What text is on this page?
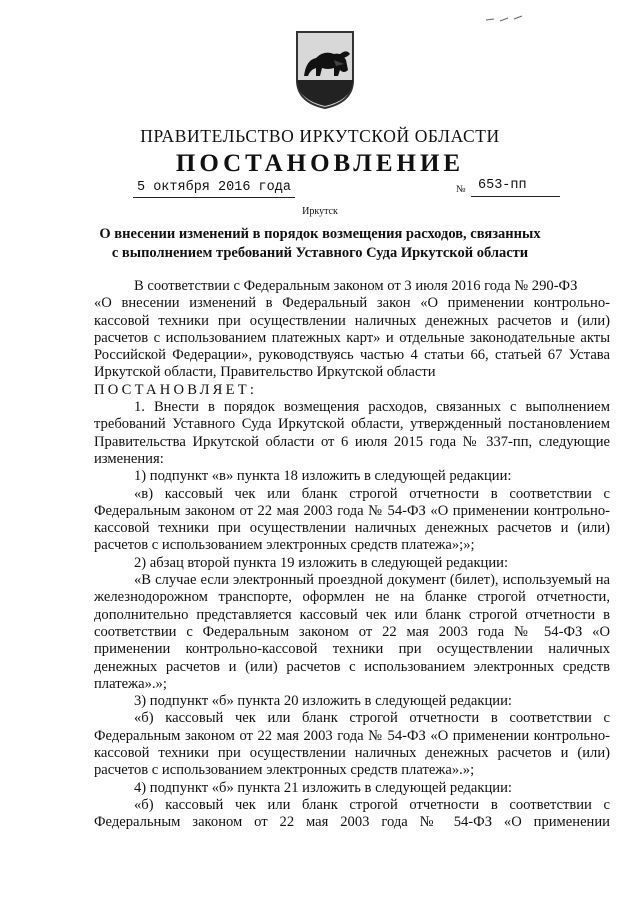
ПРАВИТЕЛЬСТВО ИРКУТСКОЙ ОБЛАСТИ
ПОСТАНОВЛЕНИЕ
5 октября 2016 года	№ 653-пп
Иркутск
О внесении изменений в порядок возмещения расходов, связанных
с выполнением требований Уставного Суда Иркутской области

В соответствии с Федеральным законом от 3 июля 2016 года № 290-ФЗ

«О внесении изменений в Федеральный закон «О применении контрольно-кассовой техники при осуществлении наличных денежных расчетов и (или) расчетов с использованием платежных карт» и отдельные законодательные акты Российской Федерации», руководствуясь частью 4 статьи 66, статьей 67 Устава Иркутской области, Правительство Иркутской области

ПОСТАНОВЛЯЕТ:

1. Внести в порядок возмещения расходов, связанных с выполнением требований Уставного Суда Иркутской области, утвержденный постановлением Правительства Иркутской области от 6 июля 2015 года № 337-пп, следующие изменения:

1) подпункт «в» пункта 18 изложить в следующей редакции:

«в) кассовый чек или бланк строгой отчетности в соответствии с Федеральным законом от 22 мая 2003 года № 54-ФЗ «О применении контрольно-кассовой техники при осуществлении наличных денежных расчетов и (или) расчетов с использованием электронных средств платежа»;»;

2) абзац второй пункта 19 изложить в следующей редакции:

«В случае если электронный проездной документ (билет), используемый на железнодорожном транспорте, оформлен не на бланке строгой отчетности, дополнительно представляется кассовый чек или бланк строгой отчетности в соответствии с Федеральным законом от 22 мая 2003 года № 54-ФЗ «О применении контрольно-кассовой техники при осуществлении наличных денежных расчетов и (или) расчетов с использованием электронных средств платежа».»;

3) подпункт «б» пункта 20 изложить в следующей редакции:

«б) кассовый чек или бланк строгой отчетности в соответствии с Федеральным законом от 22 мая 2003 года № 54-ФЗ «О применении контрольно-кассовой техники при осуществлении наличных денежных расчетов и (или) расчетов с использованием электронных средств платежа».»;

4) подпункт «б» пункта 21 изложить в следующей редакции:

«б) кассовый чек или бланк строгой отчетности в соответствии с Федеральным законом от 22 мая 2003 года № 54-ФЗ «О применении
